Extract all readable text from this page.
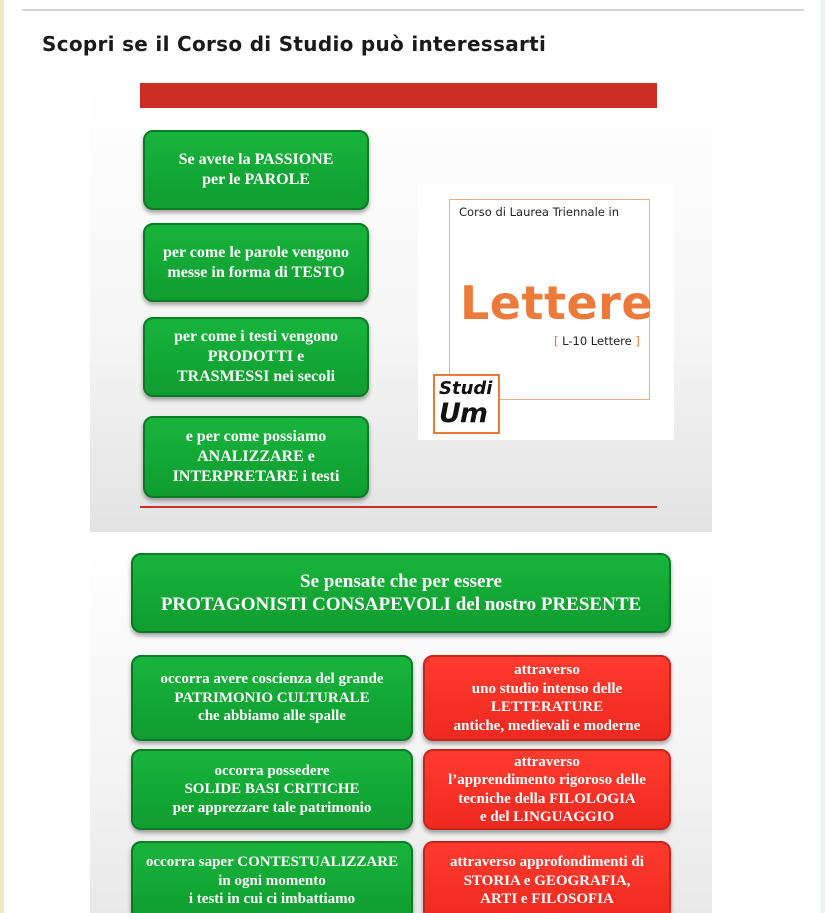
Scopri se il Corso di Studio può interessarti
Se avete la PASSIONE
per le PAROLE
per come le parole vengono
messe in forma di TESTO
per come i testi vengono
PRODOTTI e
TRASMESSI nei secoli
e per come possiamo
ANALIZZARE e
INTERPRETARE i testi
Corso di Laurea Triennale in
Lettere
[ L-10 Lettere ]
Studi
Um
Se pensate che per essere
PROTAGONISTI CONSAPEVOLI del nostro PRESENTE
occorra avere coscienza del grande
PATRIMONIO CULTURALE
che abbiamo alle spalle
attraverso
uno studio intenso delle
LETTERATURE
antiche, medievali e moderne
occorra possedere
SOLIDE BASI CRITICHE
per apprezzare tale patrimonio
attraverso
l’apprendimento rigoroso delle
tecniche della FILOLOGIA
e del LINGUAGGIO
occorra saper CONTESTUALIZZARE
in ogni momento
i testi in cui ci imbattiamo
attraverso approfondimenti di
STORIA e GEOGRAFIA,
ARTI e FILOSOFIA
